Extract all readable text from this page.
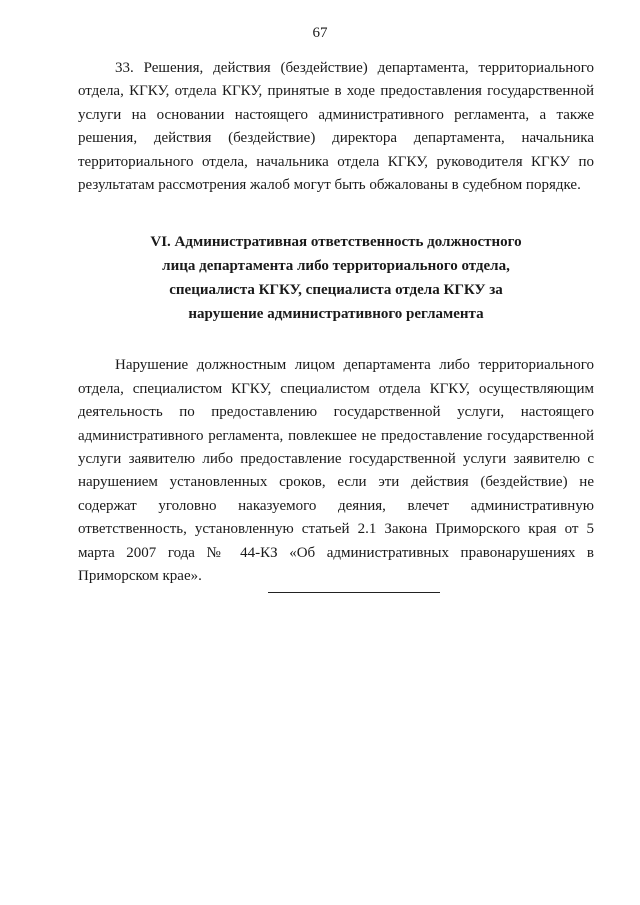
67

33. Решения, действия (бездействие) департамента, территориального отдела, КГКУ, отдела КГКУ, принятые в ходе предоставления государственной услуги на основании настоящего административного регламента, а также решения, действия (бездействие) директора департамента, начальника территориального отдела, начальника отдела КГКУ, руководителя КГКУ по результатам рассмотрения жалоб могут быть обжалованы в судебном порядке.

VI. Административная ответственность должностного лица департамента либо территориального отдела, специалиста КГКУ, специалиста отдела КГКУ за нарушение административного регламента

Нарушение должностным лицом департамента либо территориального отдела, специалистом КГКУ, специалистом отдела КГКУ, осуществляющим деятельность по предоставлению государственной услуги, настоящего административного регламента, повлекшее не предоставление государственной услуги заявителю либо предоставление государственной услуги заявителю с нарушением установленных сроков, если эти действия (бездействие) не содержат уголовно наказуемого деяния, влечет административную ответственность, установленную статьей 2.1 Закона Приморского края от 5 марта 2007 года № 44-КЗ «Об административных правонарушениях в Приморском крае».
